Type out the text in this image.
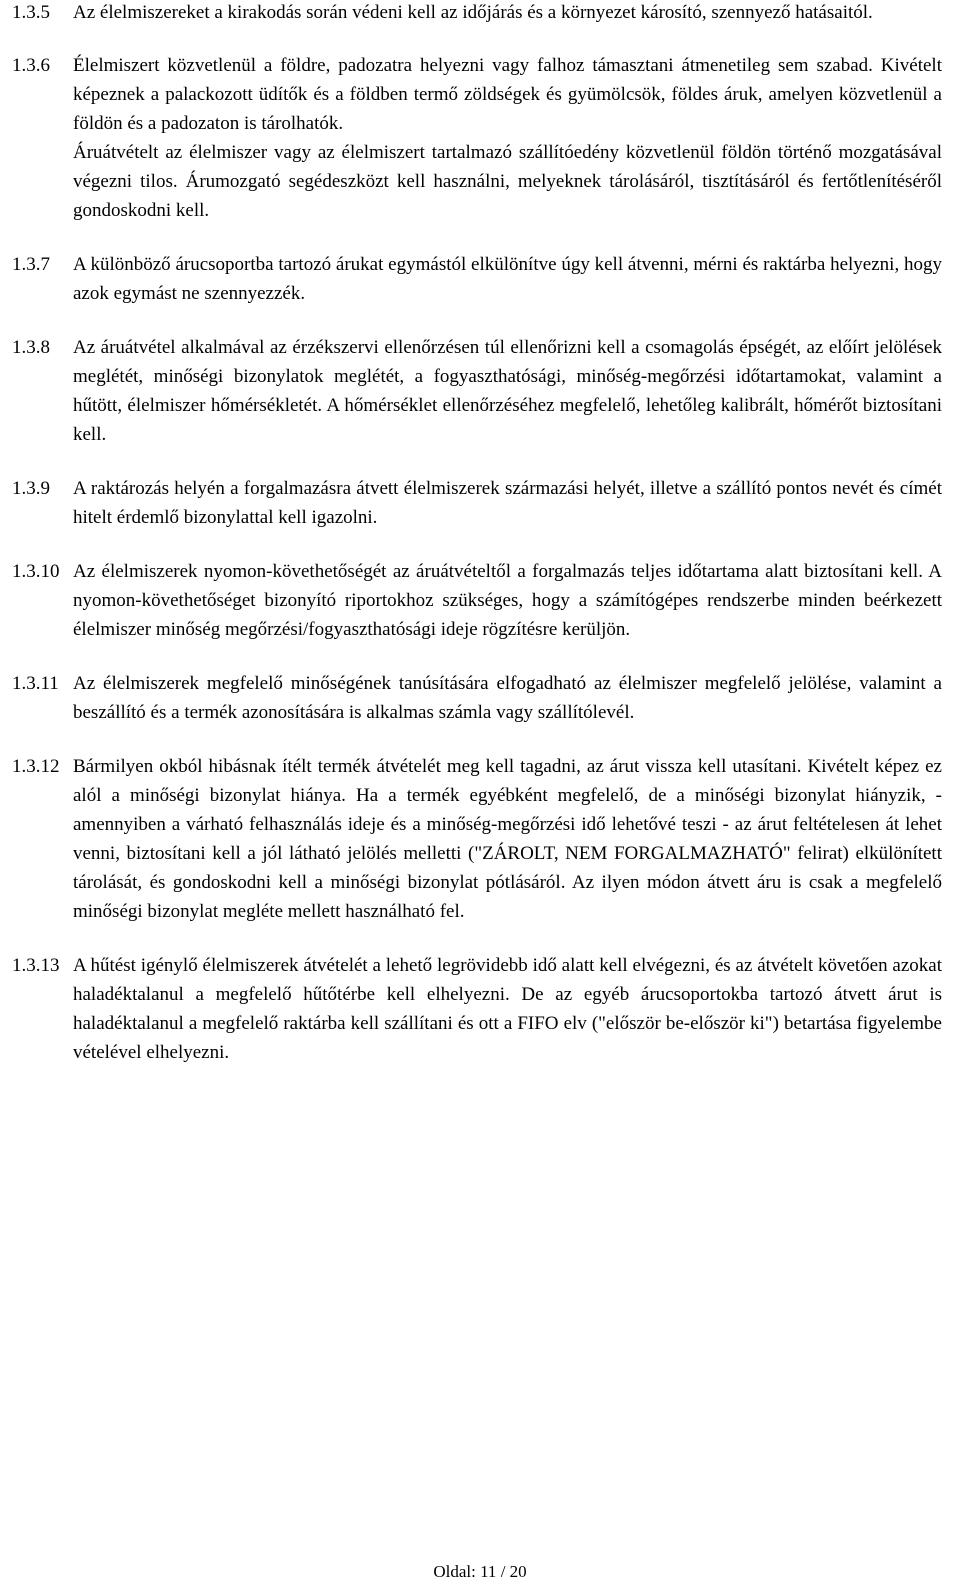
1.3.5	Az élelmiszereket a kirakodás során védeni kell az időjárás és a környezet károsító, szennyező hatásaitól.

1.3.6	Élelmiszert közvetlenül a földre, padozatra helyezni vagy falhoz támasztani átmenetileg sem szabad. Kivételt képeznek a palackozott üdítők és a földben termő zöldségek és gyümölcsök, földes áruk, amelyen közvetlenül a földön és a padozaton is tárolhatók.

Áruátvételt az élelmiszer vagy az élelmiszert tartalmazó szállítóedény közvetlenül földön történő mozgatásával végezni tilos. Árumozgató segédeszközt kell használni, melyeknek tárolásáról, tisztításáról és fertőtlenítéséről gondoskodni kell.

1.3.7	A különböző árucsoportba tartozó árukat egymástól elkülönítve úgy kell átvenni, mérni és raktárba helyezni, hogy azok egymást ne szennyezzék.

1.3.8	Az áruátvétel alkalmával az érzékszervi ellenőrzésen túl ellenőrizni kell a csomagolás épségét, az előírt jelölések meglétét, minőségi bizonylatok meglétét, a fogyaszthatósági, minőség-megőrzési időtartamokat, valamint a hűtött, élelmiszer hőmérsékletét. A hőmérséklet ellenőrzéséhez megfelelő, lehetőleg kalibrált, hőmérőt biztosítani kell.

1.3.9	A raktározás helyén a forgalmazásra átvett élelmiszerek származási helyét, illetve a szállító pontos nevét és címét hitelt érdemlő bizonylattal kell igazolni.

1.3.10 Az élelmiszerek nyomon-követhetőségét az áruátvételtől a forgalmazás teljes időtartama alatt biztosítani kell. A nyomon-követhetőséget bizonyító riportokhoz szükséges, hogy a számítógépes rendszerbe minden beérkezett élelmiszer minőség megőrzési/fogyaszthatósági ideje rögzítésre kerüljön.

1.3.11 Az élelmiszerek megfelelő minőségének tanúsítására elfogadható az élelmiszer megfelelő jelölése, valamint a beszállító és a termék azonosítására is alkalmas számla vagy szállítólevél.

1.3.12 Bármilyen okból hibásnak ítélt termék átvételét meg kell tagadni, az árut vissza kell utasítani. Kivételt képez ez alól a minőségi bizonylat hiánya. Ha a termék egyébként megfelelő, de a minőségi bizonylat hiányzik, - amennyiben a várható felhasználás ideje és a minőség-megőrzési idő lehetővé teszi - az árut feltételesen át lehet venni, biztosítani kell a jól látható jelölés melletti ("ZÁROLT, NEM FORGALMAZHATÓ" felirat) elkülönített tárolását, és gondoskodni kell a minőségi bizonylat pótlásáról. Az ilyen módon átvett áru is csak a megfelelő minőségi bizonylat megléte mellett használható fel.

1.3.13 A hűtést igénylő élelmiszerek átvételét a lehető legrövidebb idő alatt kell elvégezni, és az átvételt követően azokat haladéktalanul a megfelelő hűtőtérbe kell elhelyezni. De az egyéb árucsoportokba tartozó átvett árut is haladéktalanul a megfelelő raktárba kell szállítani és ott a FIFO elv ("először be-először ki") betartása figyelembe vételével elhelyezni.

Oldal: 11 / 20
